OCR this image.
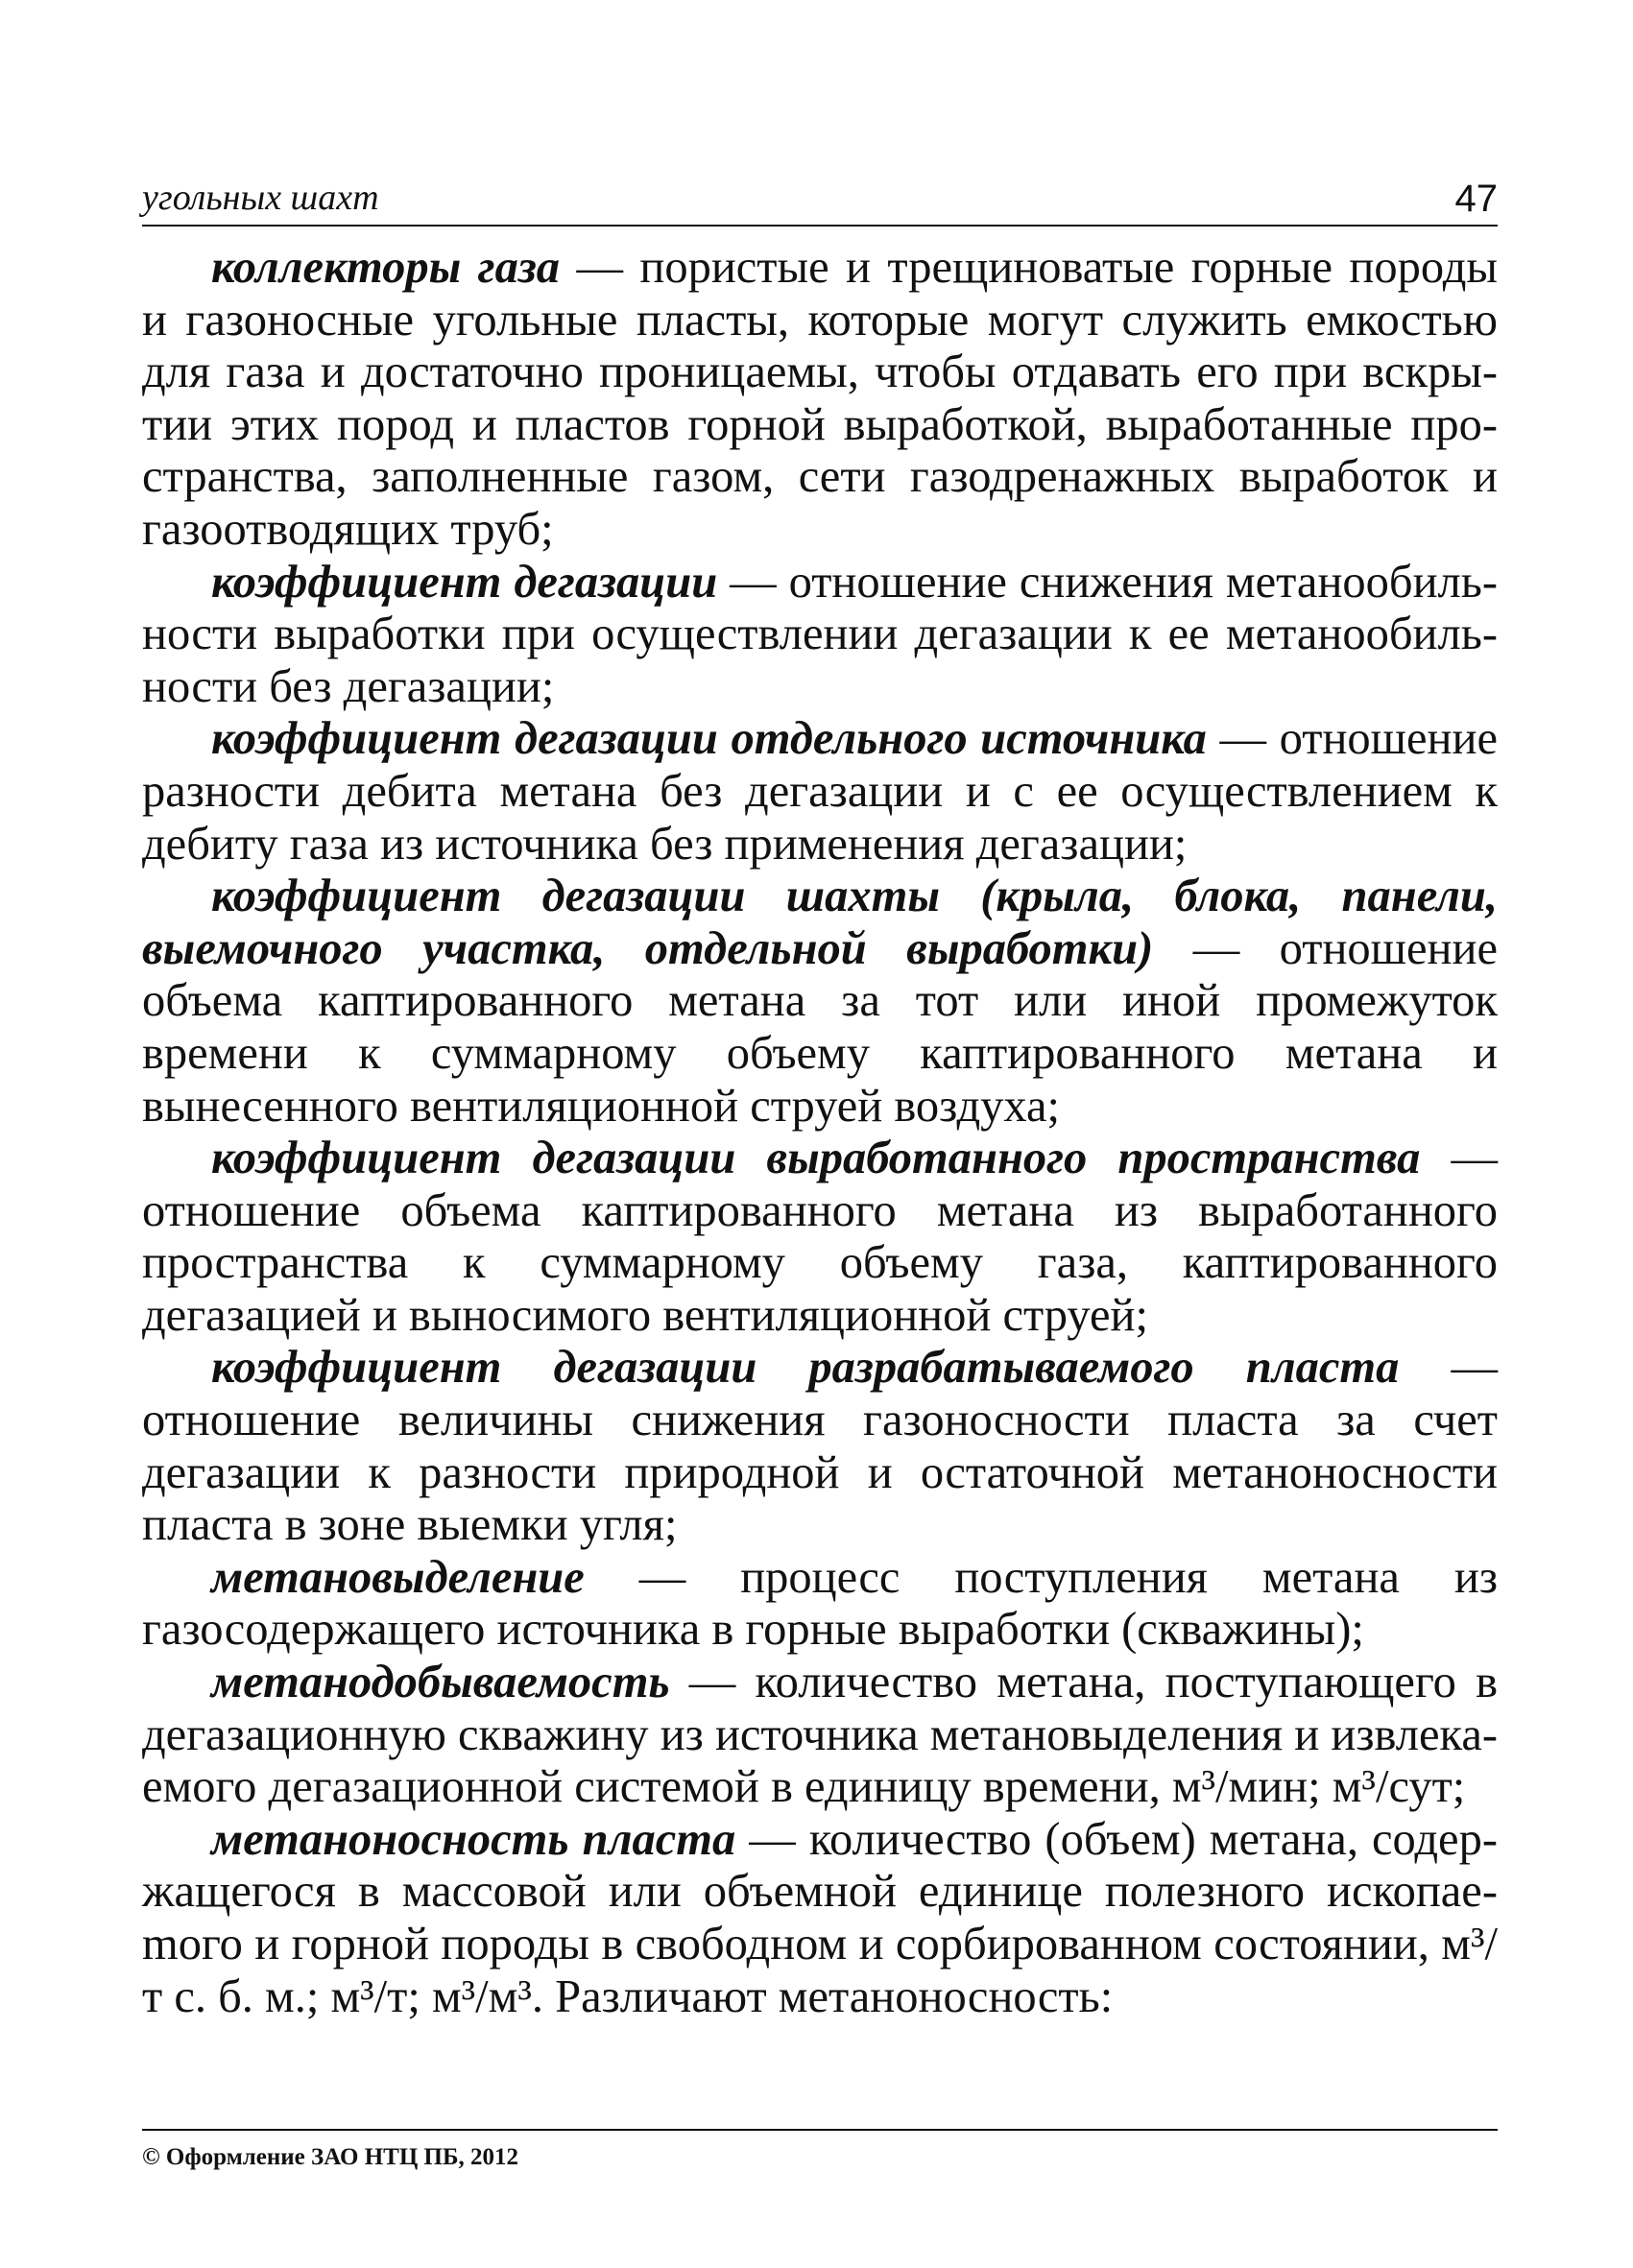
угольных шахт	47

коллекторы газа — пористые и трещиноватые горные породы и газоносные угольные пласты, которые могут служить емкостью для газа и достаточно проницаемы, чтобы отдавать его при вскрытии этих пород и пластов горной выработкой, выработанные пространства, заполненные газом, сети газодренажных выработок и газоотводящих труб;

коэффициент дегазации — отношение снижения метанообильности выработки при осуществлении дегазации к ее метанообильности без дегазации;

коэффициент дегазации отдельного источника — отношение разности дебита метана без дегазации и с ее осуществлением к дебиту газа из источника без применения дегазации;

коэффициент дегазации шахты (крыла, блока, панели, выемочного участка, отдельной выработки) — отношение объема каптированного метана за тот или иной промежуток времени к суммарному объему каптированного метана и вынесенного вентиляционной струей воздуха;

коэффициент дегазации выработанного пространства — отношение объема каптированного метана из выработанного пространства к суммарному объему газа, каптированного дегазацией и выносимого вентиляционной струей;

коэффициент дегазации разрабатываемого пласта — отношение величины снижения газоносности пласта за счет дегазации к разности природной и остаточной метаноносности пласта в зоне выемки угля;

метановыделение — процесс поступления метана из газосодержащего источника в горные выработки (скважины);

метанодобываемость — количество метана, поступающего в дегазационную скважину из источника метановыделения и извлекаемого дегазационной системой в единицу времени, м³/мин; м³/сут;

метаноносность пласта — количество (объем) метана, содержащегося в массовой или объемной единице полезного ископаеmого и горной породы в свободном и сорбированном состоянии, м³/т с. б. м.; м³/т; м³/м³. Различают метаноносность:

© Оформление ЗАО НТЦ ПБ, 2012
